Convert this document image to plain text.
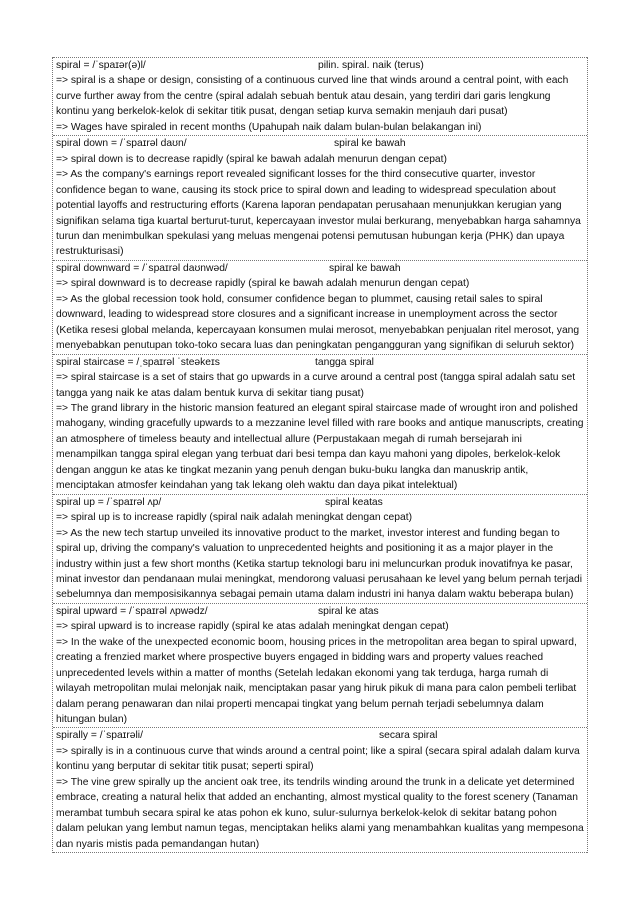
spiral = /ˈspaɪər(ə)l/	pilin. spiral. naik (terus)
=> spiral is a shape or design, consisting of a continuous curved line that winds around a central point, with each curve further away from the centre (spiral adalah sebuah bentuk atau desain, yang terdiri dari garis lengkung kontinu yang berkelok-kelok di sekitar titik pusat, dengan setiap kurva semakin menjauh dari pusat)
=> Wages have spiraled in recent months (Upahupah naik dalam bulan-bulan belakangan ini)
spiral down = /ˈspaɪrəl daʊn/	spiral ke bawah
=> spiral down is to decrease rapidly (spiral ke bawah adalah menurun dengan cepat)
=> As the company's earnings report revealed significant losses for the third consecutive quarter, investor confidence began to wane, causing its stock price to spiral down and leading to widespread speculation about potential layoffs and restructuring efforts (Karena laporan pendapatan perusahaan menunjukkan kerugian yang signifikan selama tiga kuartal berturut-turut, kepercayaan investor mulai berkurang, menyebabkan harga sahamnya turun dan menimbulkan spekulasi yang meluas mengenai potensi pemutusan hubungan kerja (PHK) dan upaya restrukturisasi)
spiral downward = /ˈspaɪrəl daʊnwəd/	spiral ke bawah
=> spiral downward is to decrease rapidly (spiral ke bawah adalah menurun dengan cepat)
=> As the global recession took hold, consumer confidence began to plummet, causing retail sales to spiral downward, leading to widespread store closures and a significant increase in unemployment across the sector (Ketika resesi global melanda, kepercayaan konsumen mulai merosot, menyebabkan penjualan ritel merosot, yang menyebabkan penutupan toko-toko secara luas dan peningkatan pengangguran yang signifikan di seluruh sektor)
spiral staircase = /ˌspaɪrəl ˈsteəkeɪs	tangga spiral
=> spiral staircase is a set of stairs that go upwards in a curve around a central post (tangga spiral adalah satu set tangga yang naik ke atas dalam bentuk kurva di sekitar tiang pusat)
=> The grand library in the historic mansion featured an elegant spiral staircase made of wrought iron and polished mahogany, winding gracefully upwards to a mezzanine level filled with rare books and antique manuscripts, creating an atmosphere of timeless beauty and intellectual allure (Perpustakaan megah di rumah bersejarah ini menampilkan tangga spiral elegan yang terbuat dari besi tempa dan kayu mahoni yang dipoles, berkelok-kelok dengan anggun ke atas ke tingkat mezanin yang penuh dengan buku-buku langka dan manuskrip antik, menciptakan atmosfer keindahan yang tak lekang oleh waktu dan daya pikat intelektual)
spiral up = /ˈspaɪrəl ʌp/	spiral keatas
=> spiral up is to increase rapidly (spiral naik adalah meningkat dengan cepat)
=> As the new tech startup unveiled its innovative product to the market, investor interest and funding began to spiral up, driving the company's valuation to unprecedented heights and positioning it as a major player in the industry within just a few short months (Ketika startup teknologi baru ini meluncurkan produk inovatifnya ke pasar, minat investor dan pendanaan mulai meningkat, mendorong valuasi perusahaan ke level yang belum pernah terjadi sebelumnya dan memposisikannya sebagai pemain utama dalam industri ini hanya dalam waktu beberapa bulan)
spiral upward = /ˈspaɪrəl ʌpwədz/	spiral ke atas
=> spiral upward is to increase rapidly (spiral ke atas adalah meningkat dengan cepat)
=> In the wake of the unexpected economic boom, housing prices in the metropolitan area began to spiral upward, creating a frenzied market where prospective buyers engaged in bidding wars and property values reached unprecedented levels within a matter of months (Setelah ledakan ekonomi yang tak terduga, harga rumah di wilayah metropolitan mulai melonjak naik, menciptakan pasar yang hiruk pikuk di mana para calon pembeli terlibat dalam perang penawaran dan nilai properti mencapai tingkat yang belum pernah terjadi sebelumnya dalam hitungan bulan)
spirally = /ˈspaɪrəli/	secara spiral
=> spirally is in a continuous curve that winds around a central point; like a spiral (secara spiral adalah dalam kurva kontinu yang berputar di sekitar titik pusat; seperti spiral)
=> The vine grew spirally up the ancient oak tree, its tendrils winding around the trunk in a delicate yet determined embrace, creating a natural helix that added an enchanting, almost mystical quality to the forest scenery (Tanaman merambat tumbuh secara spiral ke atas pohon ek kuno, sulur-sulurnya berkelok-kelok di sekitar batang pohon dalam pelukan yang lembut namun tegas, menciptakan heliks alami yang menambahkan kualitas yang mempesona dan nyaris mistis pada pemandangan hutan)
